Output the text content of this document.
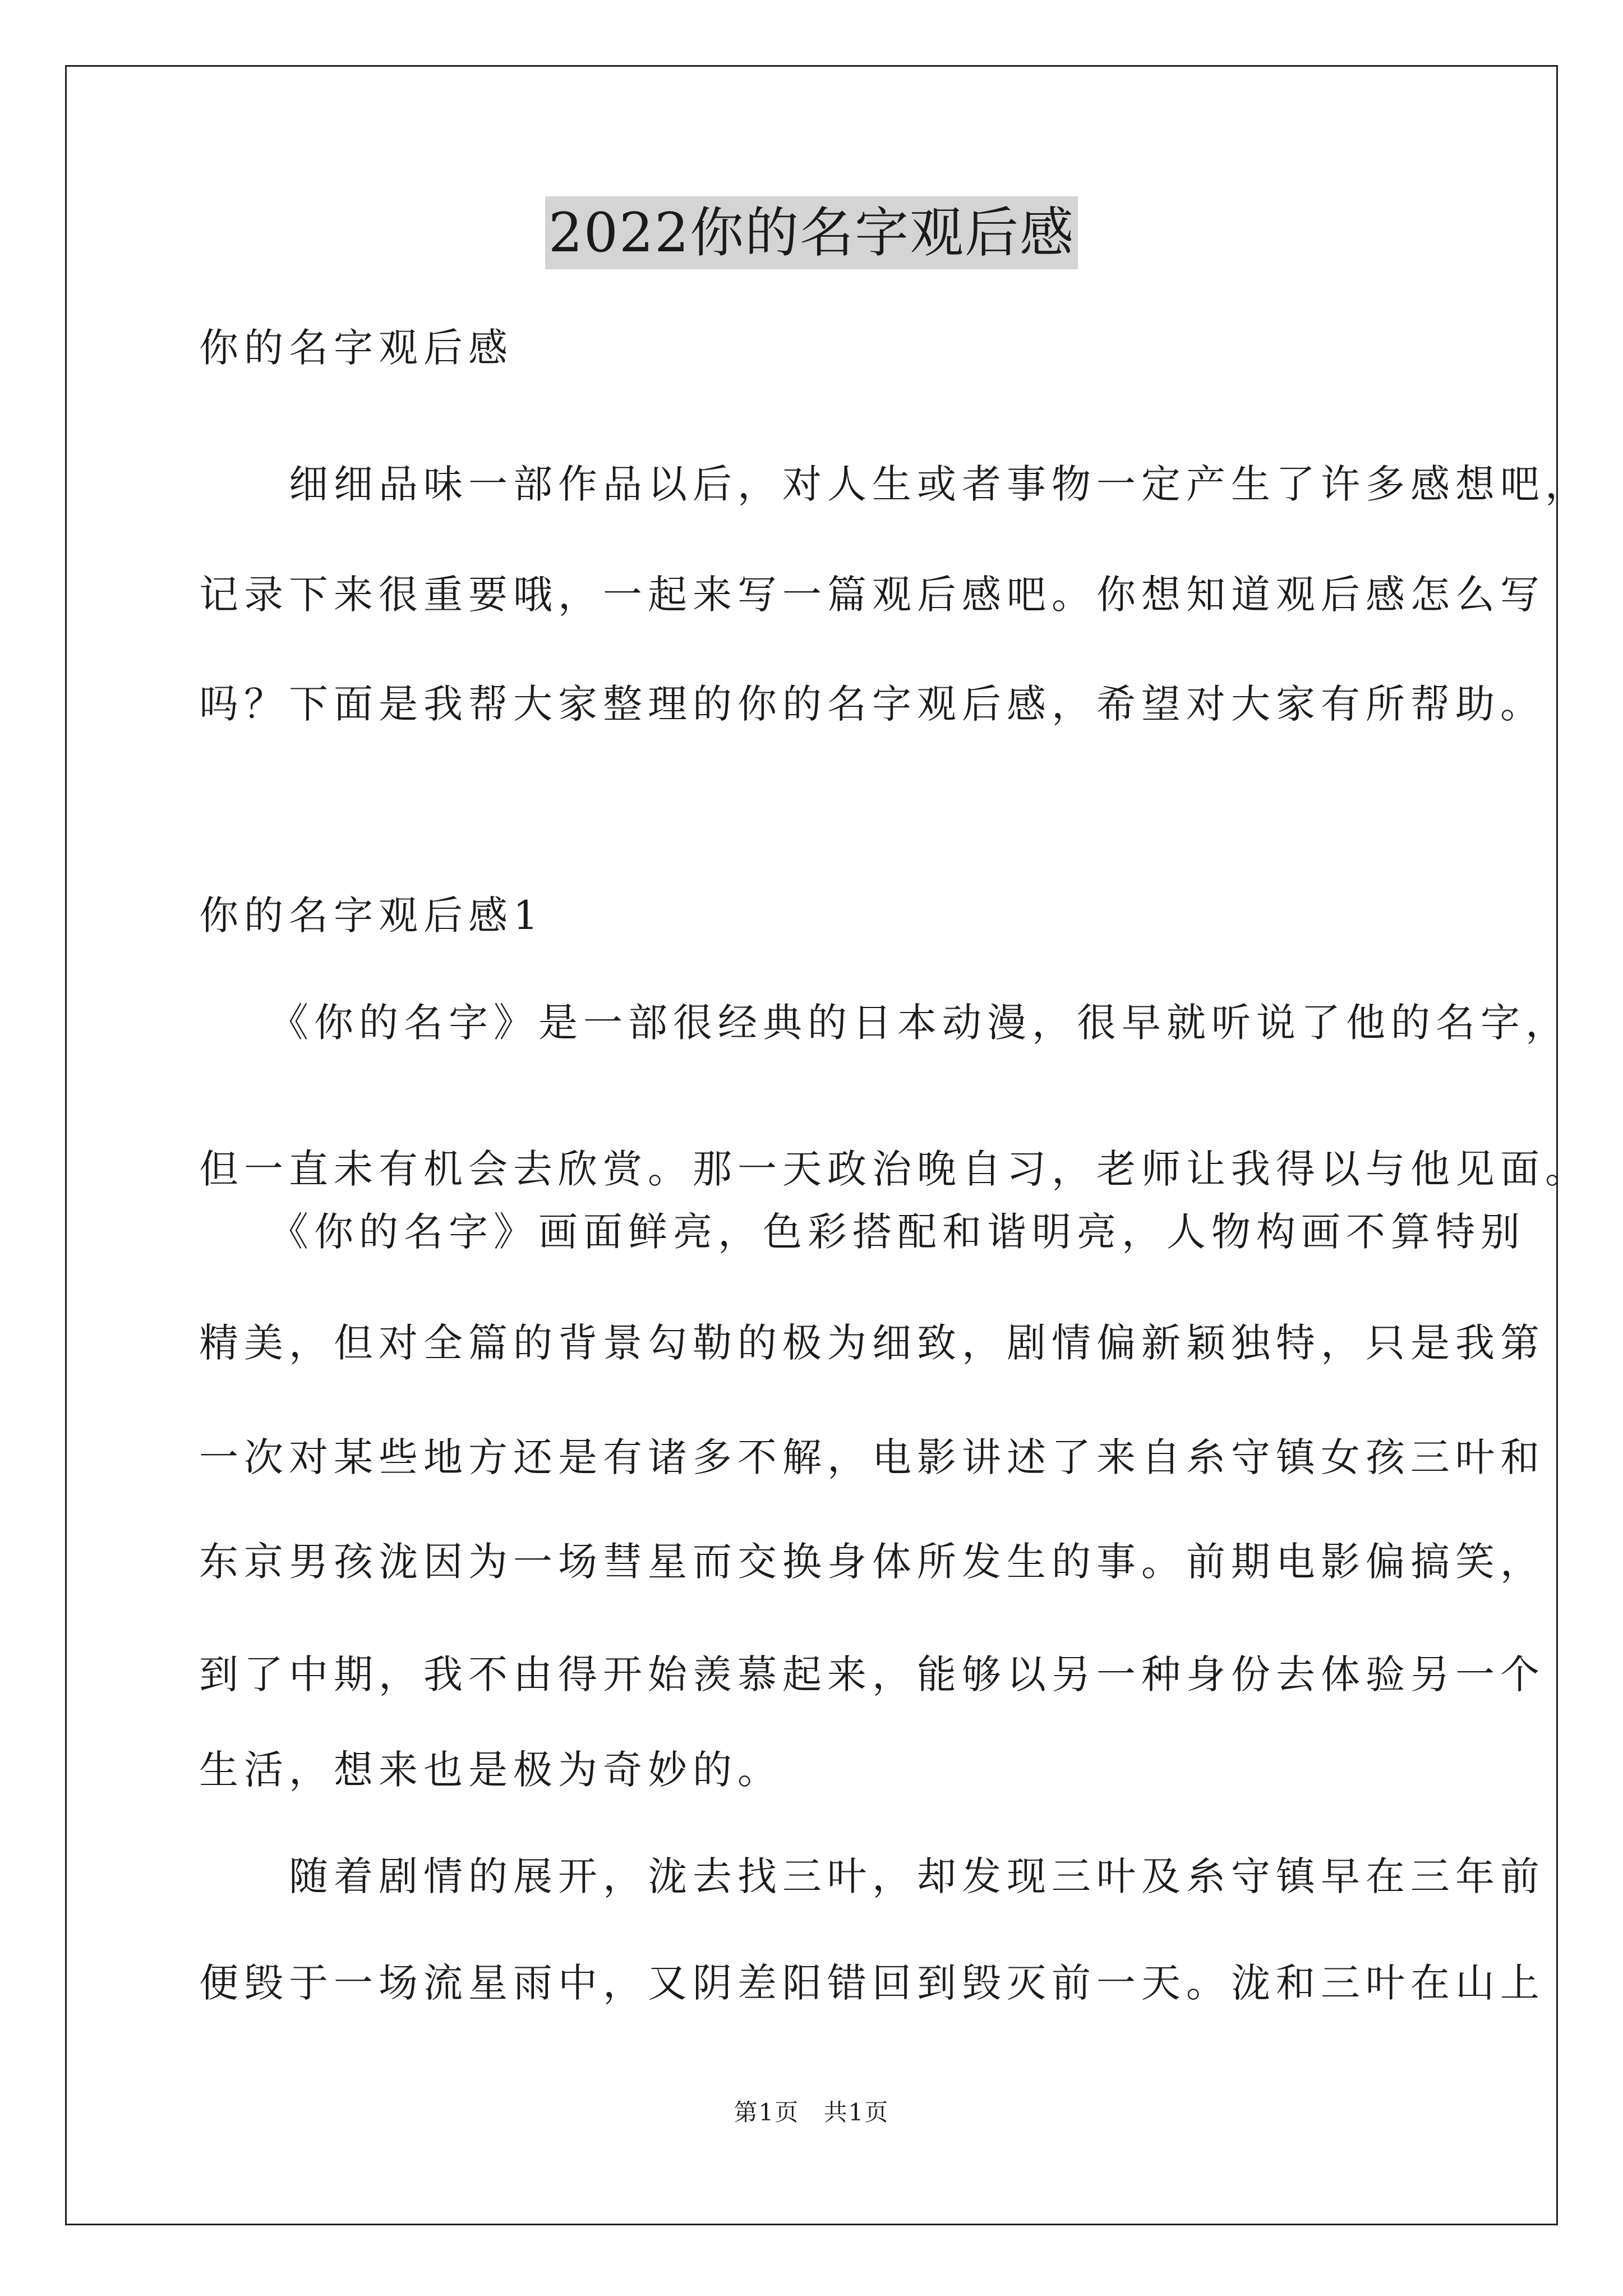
2022你的名字观后感
你的名字观后感
　　细细品味一部作品以后，对人生或者事物一定产生了许多感想吧，
记录下来很重要哦，一起来写一篇观后感吧。你想知道观后感怎么写
吗？下面是我帮大家整理的你的名字观后感，希望对大家有所帮助。
你的名字观后感1
　　《你的名字》是一部很经典的日本动漫，很早就听说了他的名字，
但一直未有机会去欣赏。那一天政治晚自习，老师让我得以与他见面。
　　《你的名字》画面鲜亮，色彩搭配和谐明亮，人物构画不算特别
精美，但对全篇的背景勾勒的极为细致，剧情偏新颖独特，只是我第
一次对某些地方还是有诸多不解，电影讲述了来自糸守镇女孩三叶和
东京男孩泷因为一场彗星而交换身体所发生的事。前期电影偏搞笑，
到了中期，我不由得开始羡慕起来，能够以另一种身份去体验另一个
生活，想来也是极为奇妙的。
　　随着剧情的展开，泷去找三叶，却发现三叶及糸守镇早在三年前
便毁于一场流星雨中，又阴差阳错回到毁灭前一天。泷和三叶在山上
第1页 共1页
